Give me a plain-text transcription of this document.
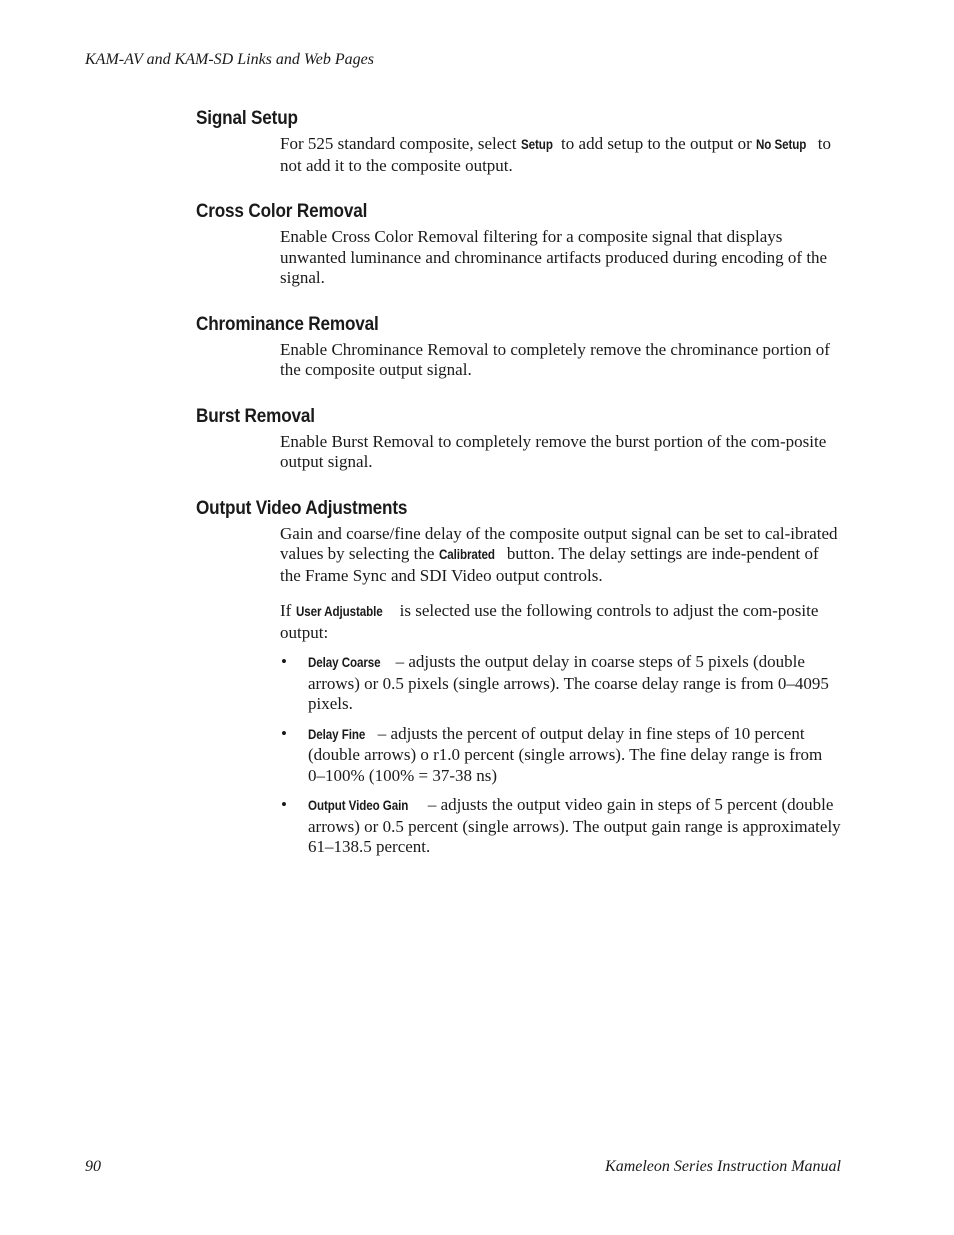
KAM-AV and KAM-SD Links and Web Pages
Signal Setup

For 525 standard composite, select Setup to add setup to the output or No Setup to not add it to the composite output.

Cross Color Removal

Enable Cross Color Removal filtering for a composite signal that displays unwanted luminance and chrominance artifacts produced during encoding of the signal.

Chrominance Removal

Enable Chrominance Removal to completely remove the chrominance portion of the composite output signal.

Burst Removal

Enable Burst Removal to completely remove the burst portion of the com-posite output signal.

Output Video Adjustments

Gain and coarse/fine delay of the composite output signal can be set to cal-ibrated values by selecting the Calibrated button. The delay settings are inde-pendent of the Frame Sync and SDI Video output controls.

If User Adjustable is selected use the following controls to adjust the com-posite output:

• Delay Coarse – adjusts the output delay in coarse steps of 5 pixels (double arrows) or 0.5 pixels (single arrows). The coarse delay range is from 0–4095 pixels.
• Delay Fine – adjusts the percent of output delay in fine steps of 10 percent (double arrows) o r1.0 percent (single arrows). The fine delay range is from 0–100% (100% = 37-38 ns)
• Output Video Gain – adjusts the output video gain in steps of 5 percent (double arrows) or 0.5 percent (single arrows). The output gain range is approximately 61–138.5 percent.
90	Kameleon Series Instruction Manual
